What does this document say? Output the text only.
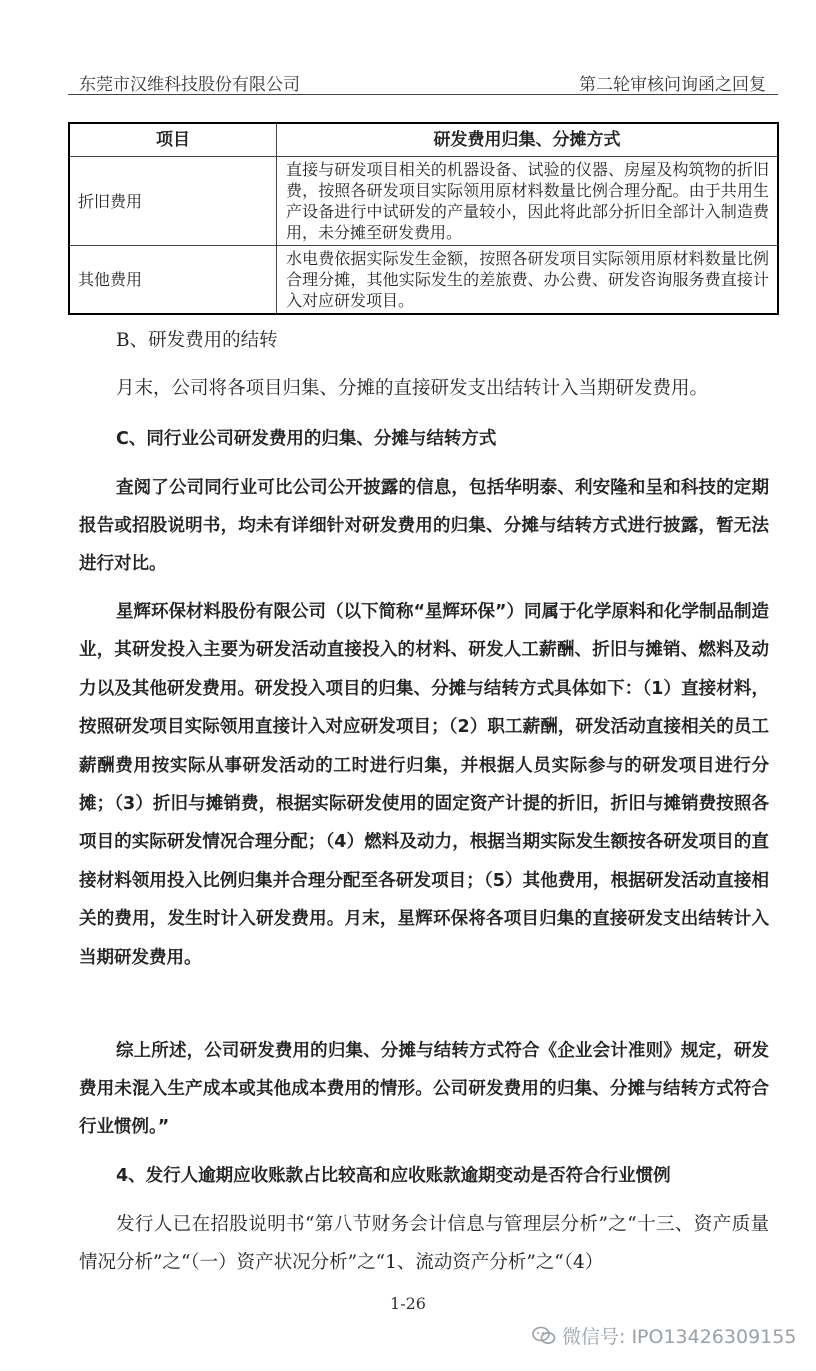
东莞市汉维科技股份有限公司	第二轮审核问询函之回复
项目	研发费用归集、分摊方式
折旧费用	直接与研发项目相关的机器设备、试验的仪器、房屋及构筑物的折旧费，按照各研发项目实际领用原材料数量比例合理分配。由于共用生产设备进行中试研发的产量较小，因此将此部分折旧全部计入制造费用，未分摊至研发费用。
其他费用	水电费依据实际发生金额，按照各研发项目实际领用原材料数量比例合理分摊，其他实际发生的差旅费、办公费、研发咨询服务费直接计入对应研发项目。
B、研发费用的结转
月末，公司将各项目归集、分摊的直接研发支出结转计入当期研发费用。
C、同行业公司研发费用的归集、分摊与结转方式
查阅了公司同行业可比公司公开披露的信息，包括华明泰、利安隆和呈和科技的定期报告或招股说明书，均未有详细针对研发费用的归集、分摊与结转方式进行披露，暂无法进行对比。
星辉环保材料股份有限公司（以下简称“星辉环保”）同属于化学原料和化学制品制造业，其研发投入主要为研发活动直接投入的材料、研发人工薪酬、折旧与摊销、燃料及动力以及其他研发费用。研发投入项目的归集、分摊与结转方式具体如下：（1）直接材料，按照研发项目实际领用直接计入对应研发项目；（2）职工薪酬，研发活动直接相关的员工薪酬费用按实际从事研发活动的工时进行归集，并根据人员实际参与的研发项目进行分摊；（3）折旧与摊销费，根据实际研发使用的固定资产计提的折旧，折旧与摊销费按照各项目的实际研发情况合理分配；（4）燃料及动力，根据当期实际发生额按各研发项目的直接材料领用投入比例归集并合理分配至各研发项目；（5）其他费用，根据研发活动直接相关的费用，发生时计入研发费用。月末，星辉环保将各项目归集的直接研发支出结转计入当期研发费用。
综上所述，公司研发费用的归集、分摊与结转方式符合《企业会计准则》规定，研发费用未混入生产成本或其他成本费用的情形。公司研发费用的归集、分摊与结转方式符合行业惯例。”
4、发行人逾期应收账款占比较高和应收账款逾期变动是否符合行业惯例
发行人已在招股说明书“第八节财务会计信息与管理层分析”之“十三、资产质量情况分析”之“（一）资产状况分析”之“1、流动资产分析”之“（4）
1-26
微信号: IPO13426309155
